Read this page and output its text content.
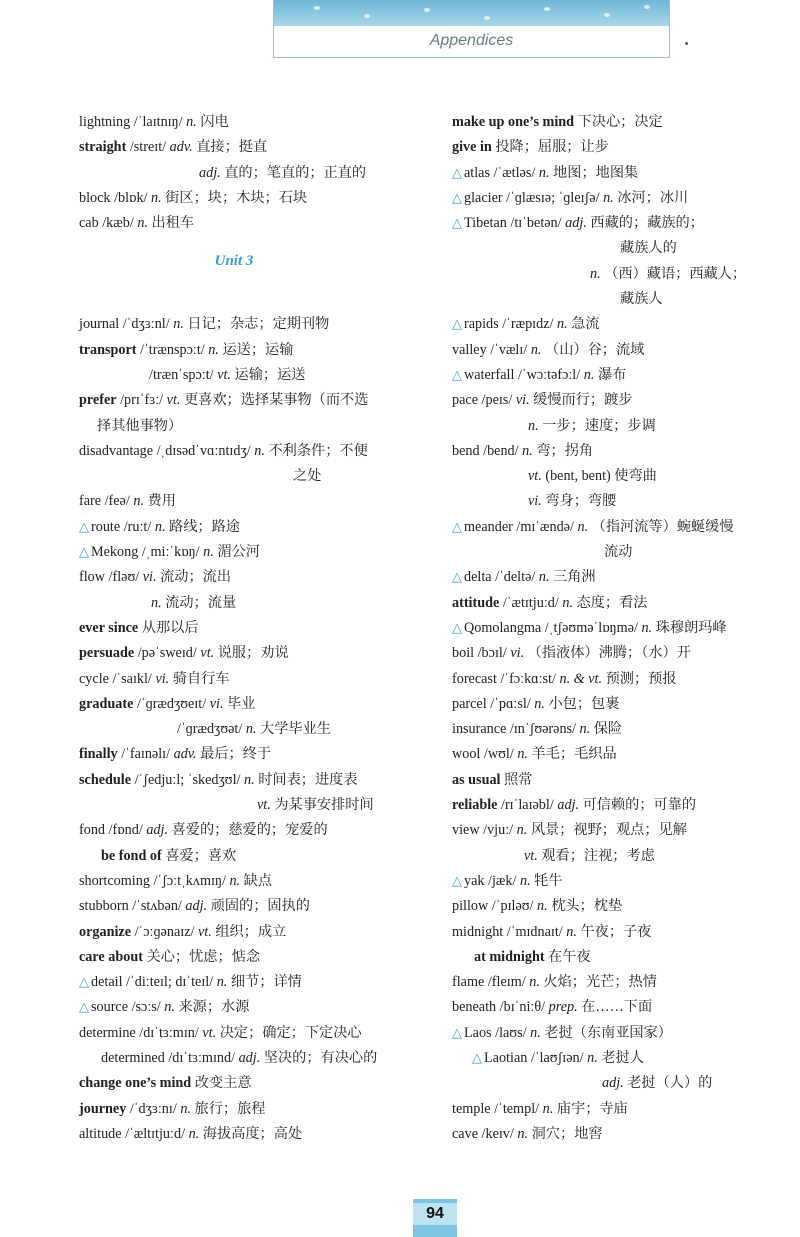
Appendices
lightning /ˈlaɪtnɪŋ/ n. 闪电
straight /streɪt/ adv. 直接；挺直
adj. 直的；笔直的；正直的
block /blɒk/ n. 街区；块；木块；石块
cab /kæb/ n. 出租车
Unit 3
journal /ˈdʒɜːnl/ n. 日记；杂志；定期刊物
transport /ˈtrænspɔːt/ n. 运送；运输
/trænˈspɔːt/ vt. 运输；运送
prefer /prɪˈfɜː/ vt. 更喜欢；选择某事物（而不选
择其他事物）
disadvantage /ˌdɪsədˈvɑːntɪdʒ/ n. 不利条件；不便
之处
fare /feə/ n. 费用
△ route /ruːt/ n. 路线；路途
△ Mekong /ˌmiːˈkɒŋ/ n. 湄公河
flow /fləʊ/ vi. 流动；流出
n. 流动；流量
ever since 从那以后
persuade /pəˈsweɪd/ vt. 说服；劝说
cycle /ˈsaɪkl/ vi. 骑自行车
graduate /ˈɡrædʒʊeɪt/ vi. 毕业
/ˈɡrædʒʊət/ n. 大学毕业生
finally /ˈfaɪnəlɪ/ adv. 最后；终于
schedule /ˈʃedjuːl; ˈskedʒʊl/ n. 时间表；进度表
vt. 为某事安排时间
fond /fɒnd/ adj. 喜爱的；慈爱的；宠爱的
be fond of 喜爱；喜欢
shortcoming /ˈʃɔːtˌkʌmɪŋ/ n. 缺点
stubborn /ˈstʌbən/ adj. 顽固的；固执的
organize /ˈɔːɡənaɪz/ vt. 组织；成立
care about 关心；忧虑；惦念
△ detail /ˈdiːteɪl; dɪˈteɪl/ n. 细节；详情
△ source /sɔːs/ n. 来源；水源
determine /dɪˈtɜːmɪn/ vt. 决定；确定；下定决心
determined /dɪˈtɜːmɪnd/ adj. 坚决的；有决心的
change one’s mind 改变主意
journey /ˈdʒɜːnɪ/ n. 旅行；旅程
altitude /ˈæltɪtjuːd/ n. 海拔高度；高处
make up one’s mind 下决心；决定
give in 投降；屈服；让步
△ atlas /ˈætləs/ n. 地图；地图集
△ glacier /ˈɡlæsɪə; ˈɡleɪʃə/ n. 冰河；冰川
△ Tibetan /tɪˈbetən/ adj. 西藏的；藏族的；
藏族人的
n. （西）藏语；西藏人；
藏族人
△ rapids /ˈræpɪdz/ n. 急流
valley /ˈvælɪ/ n. （山）谷；流域
△ waterfall /ˈwɔːtəfɔːl/ n. 瀑布
pace /peɪs/ vi. 缓慢而行；踱步
n. 一步；速度；步调
bend /bend/ n. 弯；拐角
vt. (bent, bent) 使弯曲
vi. 弯身；弯腰
△ meander /mɪˈændə/ n. （指河流等）蜿蜒缓慢
流动
△ delta /ˈdeltə/ n. 三角洲
attitude /ˈætɪtjuːd/ n. 态度；看法
△ Qomolangma /ˌtʃəʊməˈlɒŋmə/ n. 珠穆朗玛峰
boil /bɔɪl/ vi. （指液体）沸腾；（水）开
forecast /ˈfɔːkɑːst/ n. & vt. 预测；预报
parcel /ˈpɑːsl/ n. 小包；包裹
insurance /ɪnˈʃʊərəns/ n. 保险
wool /wʊl/ n. 羊毛；毛织品
as usual 照常
reliable /rɪˈlaɪəbl/ adj. 可信赖的；可靠的
view /vjuː/ n. 风景；视野；观点；见解
vt. 观看；注视；考虑
△ yak /jæk/ n. 牦牛
pillow /ˈpɪləʊ/ n. 枕头；枕垫
midnight /ˈmɪdnaɪt/ n. 午夜；子夜
at midnight 在午夜
flame /fleɪm/ n. 火焰；光芒；热情
beneath /bɪˈniːθ/ prep. 在……下面
△ Laos /laʊs/ n. 老挝（东南亚国家）
△ Laotian /ˈlaʊʃɪən/ n. 老挝人
adj. 老挝（人）的
temple /ˈtempl/ n. 庙宇；寺庙
cave /keɪv/ n. 洞穴；地窖
94
